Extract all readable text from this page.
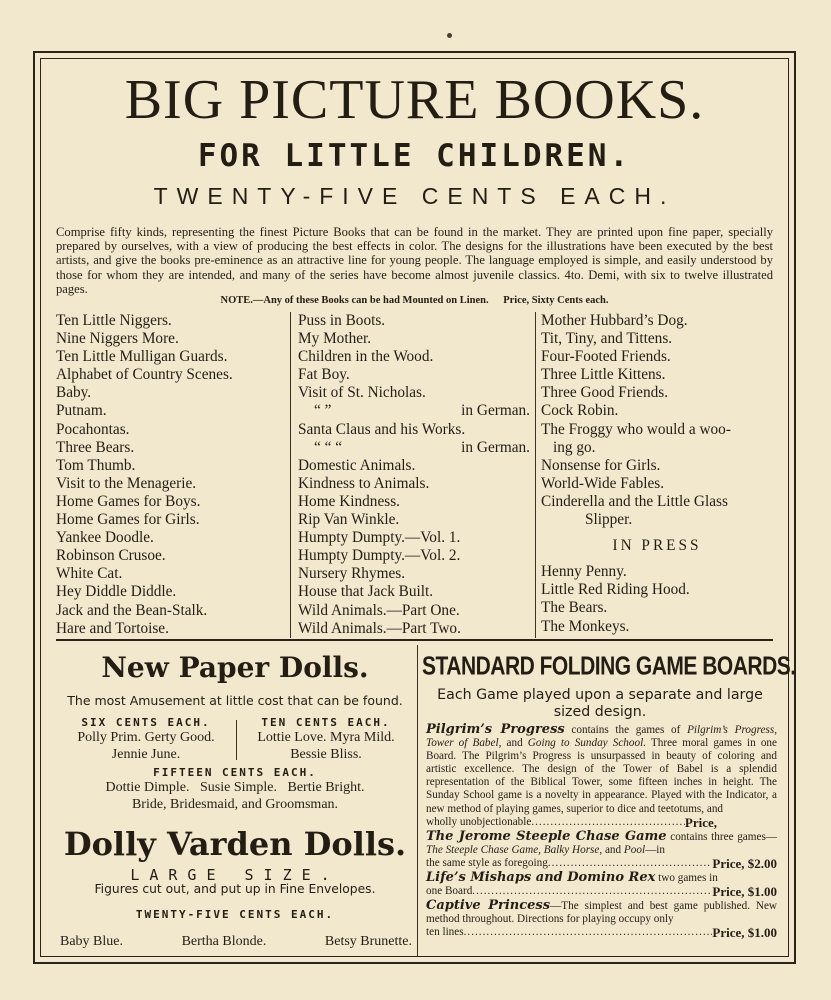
BIG PICTURE BOOKS.
FOR LITTLE CHILDREN.
TWENTY-FIVE CENTS EACH.
Comprise fifty kinds, representing the finest Picture Books that can be found in the market. They are printed upon fine paper, specially prepared by ourselves, with a view of producing the best effects in color. The designs for the illustrations have been executed by the best artists, and give the books pre-eminence as an attractive line for young people. The language employed is simple, and easily understood by those for whom they are intended, and many of the series have become almost juvenile classics. 4to. Demi, with six to twelve illustrated pages.
NOTE.—Any of these Books can be had Mounted on Linen. Price, Sixty Cents each.
Ten Little Niggers.
Nine Niggers More.
Ten Little Mulligan Guards.
Alphabet of Country Scenes.
Baby.
Putnam.
Pocahontas.
Three Bears.
Tom Thumb.
Visit to the Menagerie.
Home Games for Boys.
Home Games for Girls.
Yankee Doodle.
Robinson Crusoe.
White Cat.
Hey Diddle Diddle.
Jack and the Bean-Stalk.
Hare and Tortoise.
Puss in Boots.
My Mother.
Children in the Wood.
Fat Boy.
Visit of St. Nicholas.
“ ”	in German.
Santa Claus and his Works.
“ “ “	in German.
Domestic Animals.
Kindness to Animals.
Home Kindness.
Rip Van Winkle.
Humpty Dumpty.—Vol. 1.
Humpty Dumpty.—Vol. 2.
Nursery Rhymes.
House that Jack Built.
Wild Animals.—Part One.
Wild Animals.—Part Two.
Mother Hubbard’s Dog.
Tit, Tiny, and Tittens.
Four-Footed Friends.
Three Little Kittens.
Three Good Friends.
Cock Robin.
The Froggy who would a woo-
ing go.
Nonsense for Girls.
World-Wide Fables.
Cinderella and the Little Glass
Slipper.
IN PRESS
Henny Penny.
Little Red Riding Hood.
The Bears.
The Monkeys.
New Paper Dolls.
The most Amusement at little cost that can be found.
SIX CENTS EACH.
Polly Prim. Gerty Good.
Jennie June.
TEN CENTS EACH.
Lottie Love. Myra Mild.
Bessie Bliss.
FIFTEEN CENTS EACH.
Dottie Dimple.   Susie Simple.   Bertie Bright.
Bride, Bridesmaid, and Groomsman.
Dolly Varden Dolls.
LARGE SIZE.
Figures cut out, and put up in Fine Envelopes.
TWENTY-FIVE CENTS EACH.
Baby Blue.	Bertha Blonde.	Betsy Brunette.
STANDARD FOLDING GAME BOARDS.
Each Game played upon a separate and large sized design.
Pilgrim’s Progress contains the games of Pilgrim’s Progress, Tower of Babel, and Going to Sunday School. Three moral games in one Board. The Pilgrim’s Progress is unsurpassed in beauty of coloring and artistic excellence. The design of the Tower of Babel is a splendid representation of the Biblical Tower, some fifteen inches in height. The Sunday School game is a novelty in appearance. Played with the Indicator, a new method of playing games, superior to dice and teetotums, and
wholly unobjectionable .....	Price,
The Jerome Steeple Chase Game contains three games—The Steeple Chase Game, Balky Horse, and Pool—in
the same style as foregoing .....	Price, $2.00
Life’s Mishaps and Domino Rex two games in
one Board .....	Price, $1.00
Captive Princess—The simplest and best game published. New method throughout. Directions for playing occupy only
ten lines .....	Price, $1.00
